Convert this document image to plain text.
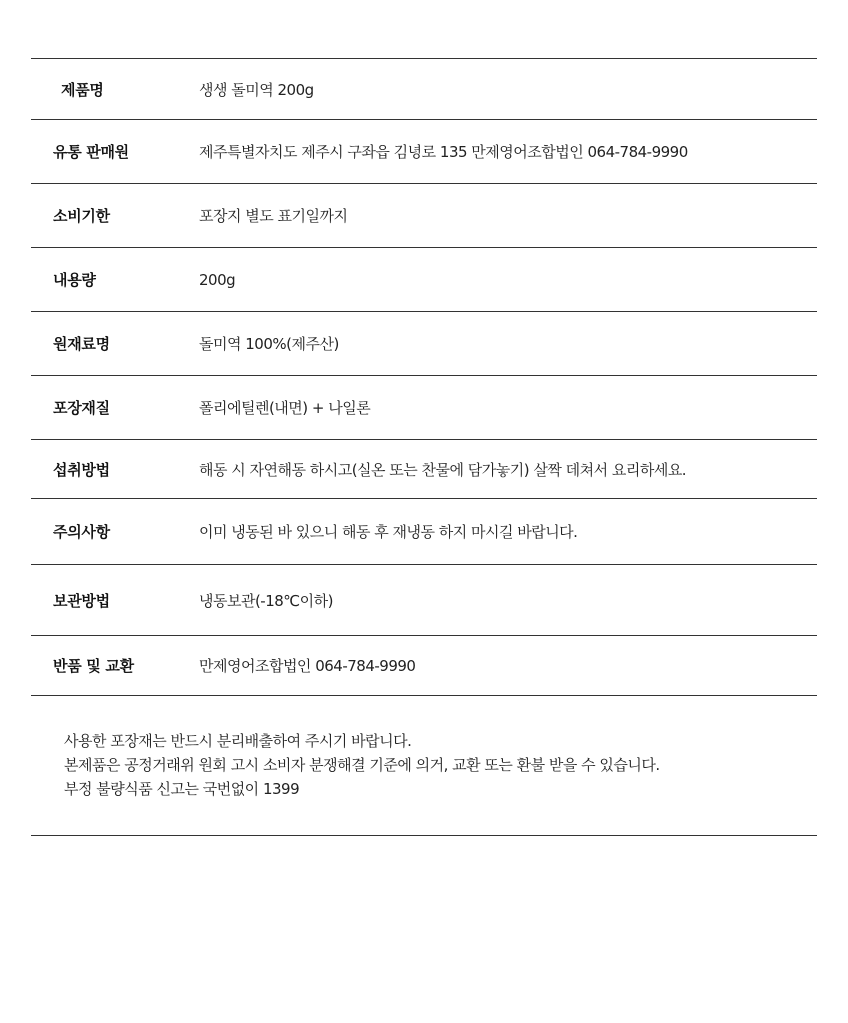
제품명	생생 돌미역 200g
유통 판매원	제주특별자치도 제주시 구좌읍 김녕로 135 만제영어조합법인 064-784-9990
소비기한	포장지 별도 표기일까지
내용량	200g
원재료명	돌미역 100%(제주산)
포장재질	폴리에틸렌(내면) + 나일론
섭취방법	해동 시 자연해동 하시고(실온 또는 찬물에 담가놓기) 살짝 데쳐서 요리하세요.
주의사항	이미 냉동된 바 있으니 해동 후 재냉동 하지 마시길 바랍니다.
보관방법	냉동보관(-18℃이하)
반품 및 교환	만제영어조합법인 064-784-9990
사용한 포장재는 반드시 분리배출하여 주시기 바랍니다.
본제품은 공정거래위 원회 고시 소비자 분쟁해결 기준에 의거, 교환 또는 환불 받을 수 있습니다.
부정 불량식품 신고는 국번없이 1399
